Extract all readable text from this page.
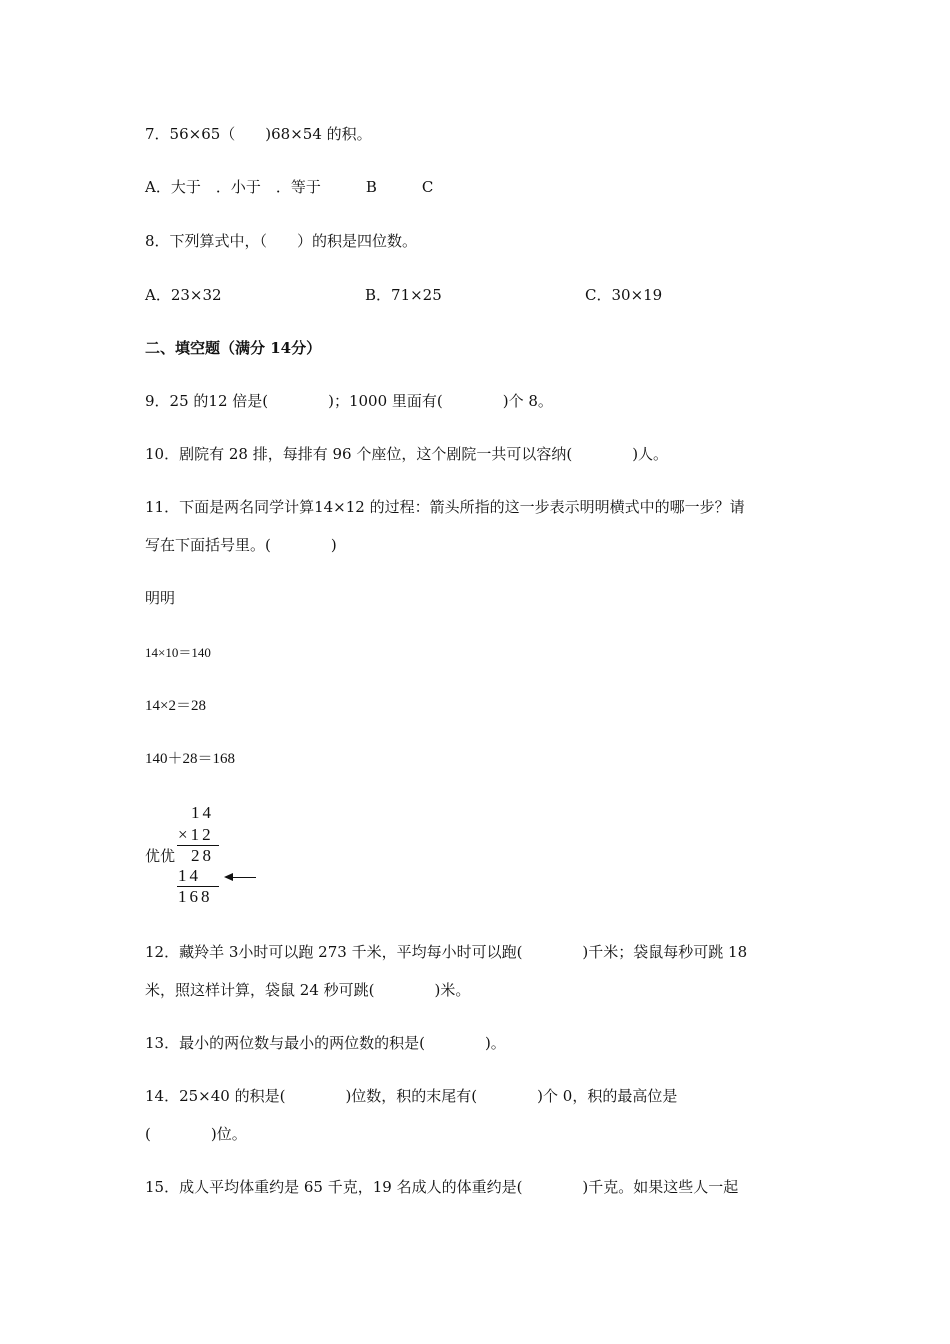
7．56×65（　　)68×54 的积。
A．大于　．小于　．等于　　　B　　　C
8．下列算式中，（　　）的积是四位数。
A．23×32	B．71×25	C．30×19
二、填空题（满分 14分）
9．25 的12 倍是(　　　　)；1000 里面有(　　　　)个 8。
10．剧院有 28 排，每排有 96 个座位，这个剧院一共可以容纳(　　　　)人。
11．下面是两名同学计算14×12 的过程：箭头所指的这一步表示明明横式中的哪一步？请
写在下面括号里。(　　　　)
明明
14×10＝140
14×2＝28
140＋28＝168
优优
14
×12
28
14
168
12．藏羚羊 3小时可以跑 273 千米，平均每小时可以跑(　　　　)千米；袋鼠每秒可跳 18
米，照这样计算，袋鼠 24 秒可跳(　　　　)米。
13．最小的两位数与最小的两位数的积是(　　　　)。
14．25×40 的积是(　　　　)位数，积的末尾有(　　　　)个 0，积的最高位是
(　　　　)位。
15．成人平均体重约是 65 千克，19 名成人的体重约是(　　　　)千克。如果这些人一起
